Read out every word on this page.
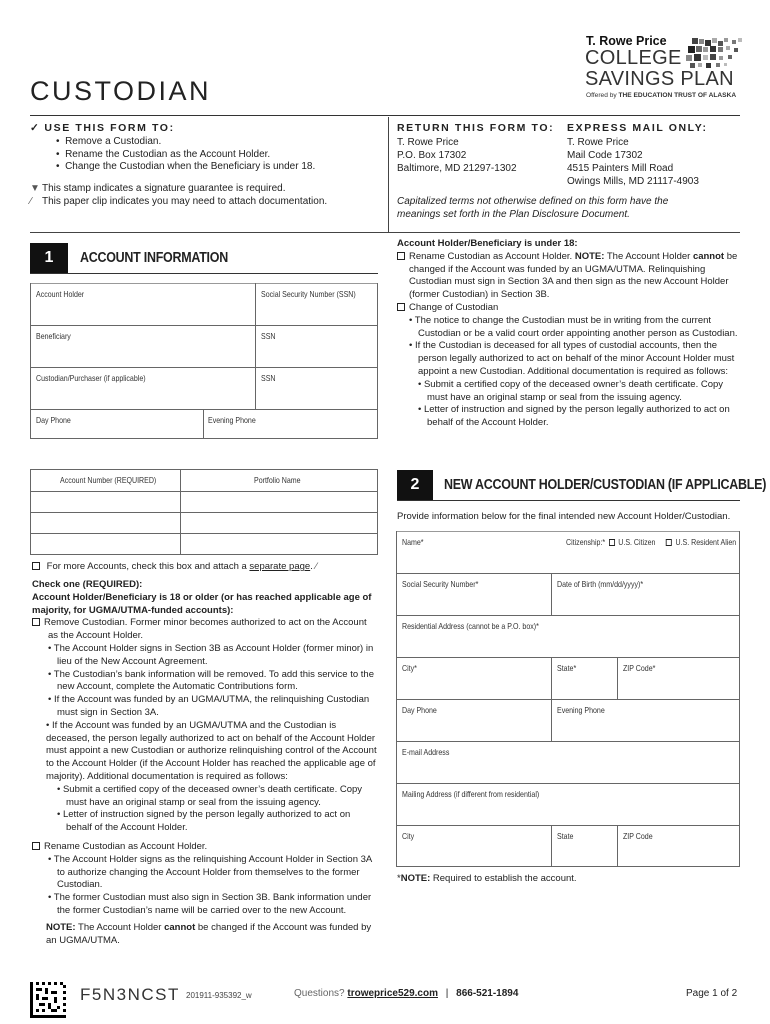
T. Rowe Price
COLLEGE
SAVINGS PLAN
Offered by THE EDUCATION TRUST OF ALASKA
CUSTODIAN
✓ USE THIS FORM TO:
•  Remove a Custodian.
•  Rename the Custodian as the Account Holder.
•  Change the Custodian when the Beneficiary is under 18.
▼ This stamp indicates a signature guarantee is required.
∕ This paper clip indicates you may need to attach documentation.
RETURN THIS FORM TO:
T. Rowe Price
P.O. Box 17302
Baltimore, MD 21297-1302
EXPRESS MAIL ONLY:
T. Rowe Price
Mail Code 17302
4515 Painters Mill Road
Owings Mills, MD 21117-4903
Capitalized terms not otherwise defined on this form have the meanings set forth in the Plan Disclosure Document.
1	ACCOUNT INFORMATION
Account Holder	Social Security Number (SSN)
Beneficiary	SSN
Custodian/Purchaser (if applicable)	SSN
Day Phone	Evening Phone
Account Number (REQUIRED)	Portfolio Name
For more Accounts, check this box and attach a separate page. ∕
Check one (REQUIRED):
Account Holder/Beneficiary is 18 or older (or has reached applicable age of majority, for UGMA/UTMA-funded accounts):
Remove Custodian. Former minor becomes authorized to act on the Account as the Account Holder.
• The Account Holder signs in Section 3B as Account Holder (former minor) in lieu of the New Account Agreement.
• The Custodian’s bank information will be removed. To add this service to the new Account, complete the Automatic Contributions form.
• If the Account was funded by an UGMA/UTMA, the relinquishing Custodian must sign in Section 3A.
• If the Account was funded by an UGMA/UTMA and the Custodian is deceased, the person legally authorized to act on behalf of the Account Holder must appoint a new Custodian or authorize relinquishing control of the Account to the Account Holder (if the Account Holder has reached the applicable age of majority). Additional documentation is required as follows:
• Submit a certified copy of the deceased owner’s death certificate. Copy must have an original stamp or seal from the issuing agency.
• Letter of instruction signed by the person legally authorized to act on behalf of the Account Holder.
Rename Custodian as Account Holder.
• The Account Holder signs as the relinquishing Account Holder in Section 3A to authorize changing the Account Holder from themselves to the former Custodian.
• The former Custodian must also sign in Section 3B. Bank information under the former Custodian’s name will be carried over to the new Account.
NOTE: The Account Holder cannot be changed if the Account was funded by an UGMA/UTMA.
Account Holder/Beneficiary is under 18:
Rename Custodian as Account Holder. NOTE: The Account Holder cannot be changed if the Account was funded by an UGMA/UTMA. Relinquishing Custodian must sign in Section 3A and then sign as the new Account Holder (former Custodian) in Section 3B.
Change of Custodian
• The notice to change the Custodian must be in writing from the current Custodian or be a valid court order appointing another person as Custodian.
• If the Custodian is deceased for all types of custodial accounts, then the person legally authorized to act on behalf of the minor Account Holder must appoint a new Custodian. Additional documentation is required as follows:
• Submit a certified copy of the deceased owner’s death certificate. Copy must have an original stamp or seal from the issuing agency.
• Letter of instruction and signed by the person legally authorized to act on behalf of the Account Holder.
2	NEW ACCOUNT HOLDER/CUSTODIAN (IF APPLICABLE)
Provide information below for the final intended new Account Holder/Custodian.
Name*	Citizenship:* U.S. Citizen U.S. Resident Alien
Social Security Number*	Date of Birth (mm/dd/yyyy)*
Residential Address (cannot be a P.O. box)*
City*	State*	ZIP Code*
Day Phone	Evening Phone
E-mail Address
Mailing Address (if different from residential)
City	State	ZIP Code
*NOTE: Required to establish the account.
F5N3NCST 201911-935392_w	Questions? troweprice529.com | 866-521-1894	Page 1 of 2
